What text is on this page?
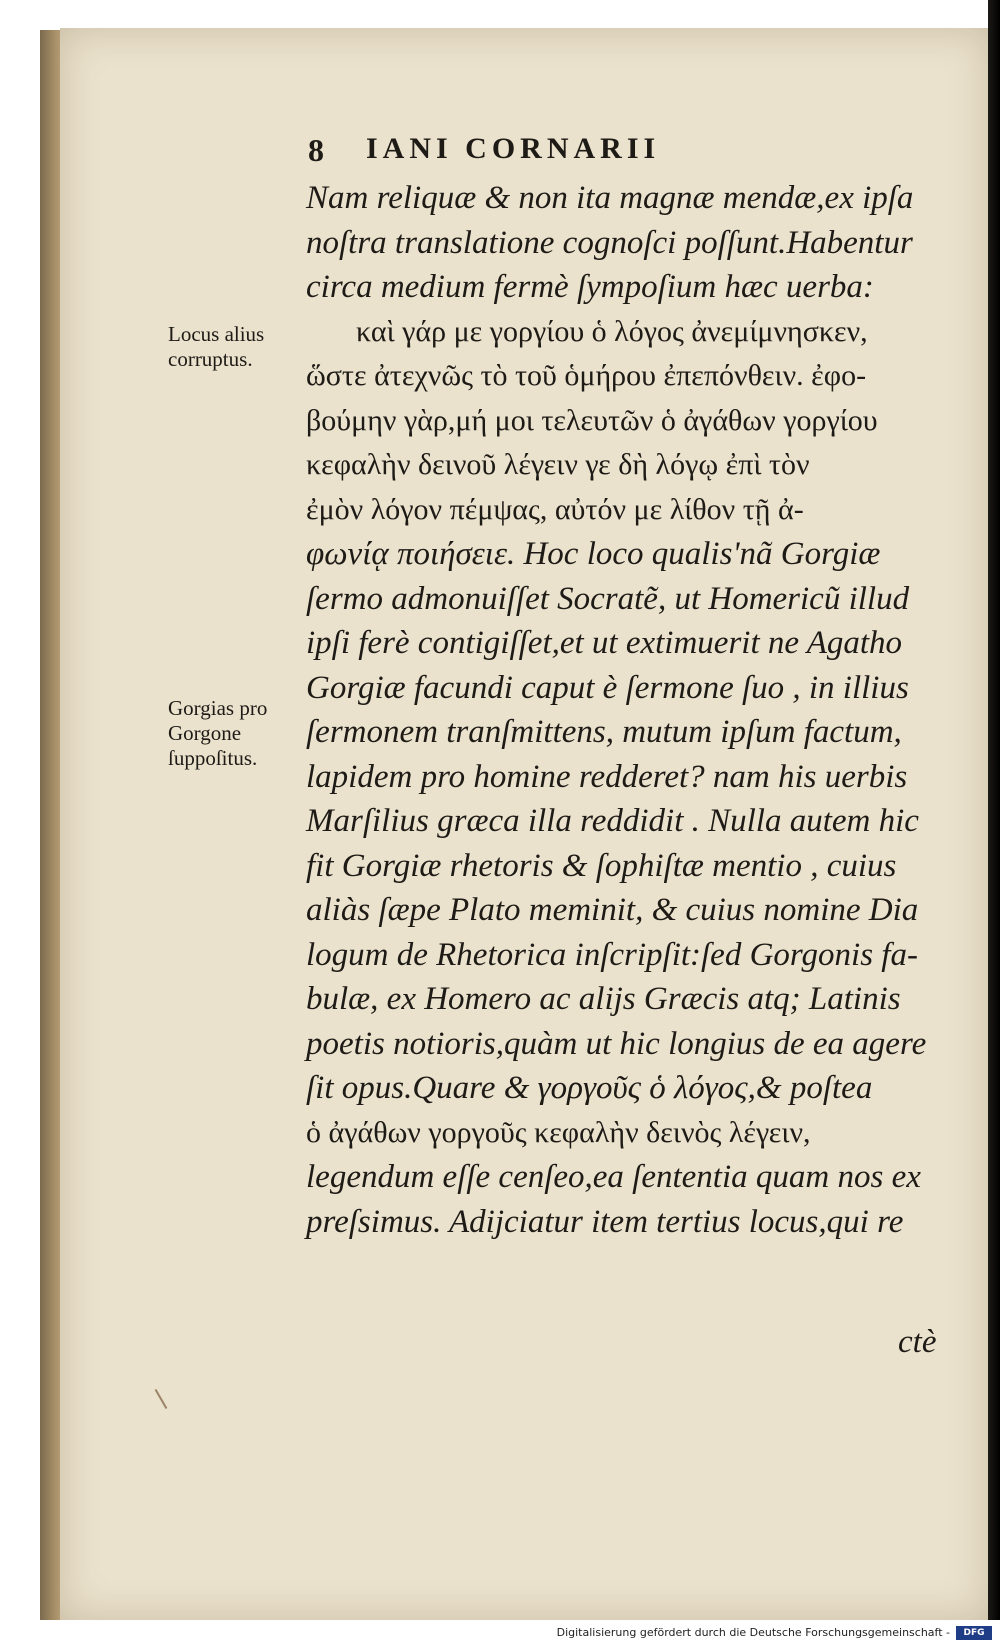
8 IANI CORNARII
Locus alius
corruptus.
Gorgias pro
Gorgone
ſuppoſitus.
Nam reliquæ & non ita magnæ mendæ,ex ipſa
noſtra translatione cognoſci poſſunt.Habentur
circa medium fermè ſympoſium hæc uerba:
καὶ γάρ με γοργίου ὁ λόγος ἀνεμίμνησκεν,
ὥστε ἀτεχνῶς τὸ τοῦ ὁμήρου ἐπεπόνθειν. ἐφο-
βούμην γὰρ,μή μοι τελευτῶν ὁ ἀγάθων γοργίου
κεφαλὴν δεινοῦ λέγειν γε δὴ λόγῳ ἐπὶ τὸν
ἐμὸν λόγον πέμψας, αὐτόν με λίθον τῇ ἀ-
φωνίᾳ ποιήσειε. Hoc loco qualis'nã Gorgiæ
ſermo admonuiſſet Socratẽ, ut Homericũ illud
ipſi ferè contigiſſet,et ut extimuerit ne Agatho
Gorgiæ facundi caput è ſermone ſuo , in illius
ſermonem tranſmittens, mutum ipſum factum,
lapidem pro homine redderet? nam his uerbis
Marſilius græca illa reddidit . Nulla autem hic
fit Gorgiæ rhetoris & ſophiſtæ mentio , cuius
aliàs ſæpe Plato meminit, & cuius nomine Dia
logum de Rhetorica inſcripſit:ſed Gorgonis fa-
bulæ, ex Homero ac alijs Græcis atq; Latinis
poetis notioris,quàm ut hic longius de ea agere
ſit opus.Quare & γοργοῦς ὁ λόγος,& poſtea
ὁ ἀγάθων γοργοῦς κεφαλὴν δεινὸς λέγειν,
legendum eſſe cenſeo,ea ſententia quam nos ex
preſsimus. Adijciatur item tertius locus,qui re
ctè
Digitalisierung gefördert durch die Deutsche Forschungsgemeinschaft -	DFG
